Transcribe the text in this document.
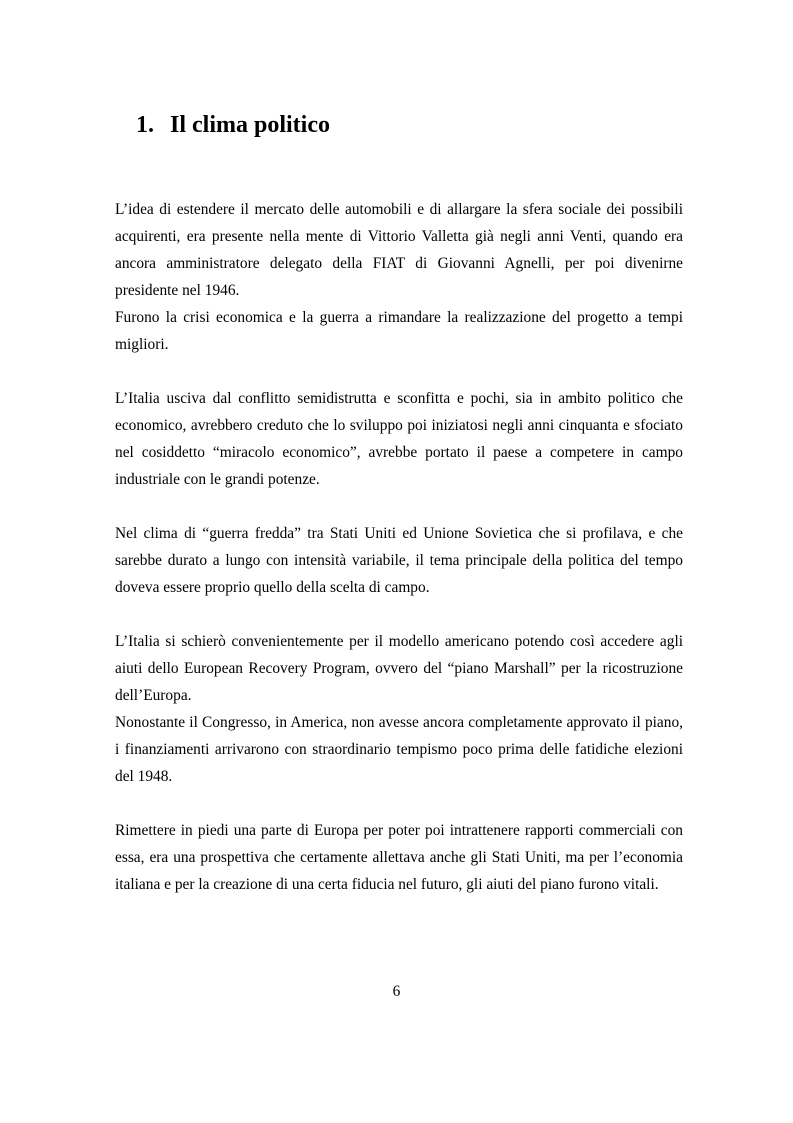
1. Il clima politico

L’idea di estendere il mercato delle automobili e di allargare la sfera sociale dei possibili acquirenti, era presente nella mente di Vittorio Valletta già negli anni Venti, quando era ancora amministratore delegato della FIAT di Giovanni Agnelli, per poi divenirne presidente nel 1946.

Furono la crisi economica e la guerra a rimandare la realizzazione del progetto a tempi migliori.

L’Italia usciva dal conflitto semidistrutta e sconfitta e pochi, sia in ambito politico che economico, avrebbero creduto che lo sviluppo poi iniziatosi negli anni cinquanta e sfociato nel cosiddetto “miracolo economico”, avrebbe portato il paese a competere in campo industriale con le grandi potenze.

Nel clima di “guerra fredda” tra Stati Uniti ed Unione Sovietica che si profilava, e che sarebbe durato a lungo con intensità variabile, il tema principale della politica del tempo doveva essere proprio quello della scelta di campo.

L’Italia si schierò convenientemente per il modello americano potendo così accedere agli aiuti dello European Recovery Program, ovvero del “piano Marshall” per la ricostruzione dell’Europa.

Nonostante il Congresso, in America, non avesse ancora completamente approvato il piano, i finanziamenti arrivarono con straordinario tempismo poco prima delle fatidiche elezioni del 1948.

Rimettere in piedi una parte di Europa per poter poi intrattenere rapporti commerciali con essa, era una prospettiva che certamente allettava anche gli Stati Uniti, ma per l’economia italiana e per la creazione di una certa fiducia nel futuro, gli aiuti del piano furono vitali.

6
